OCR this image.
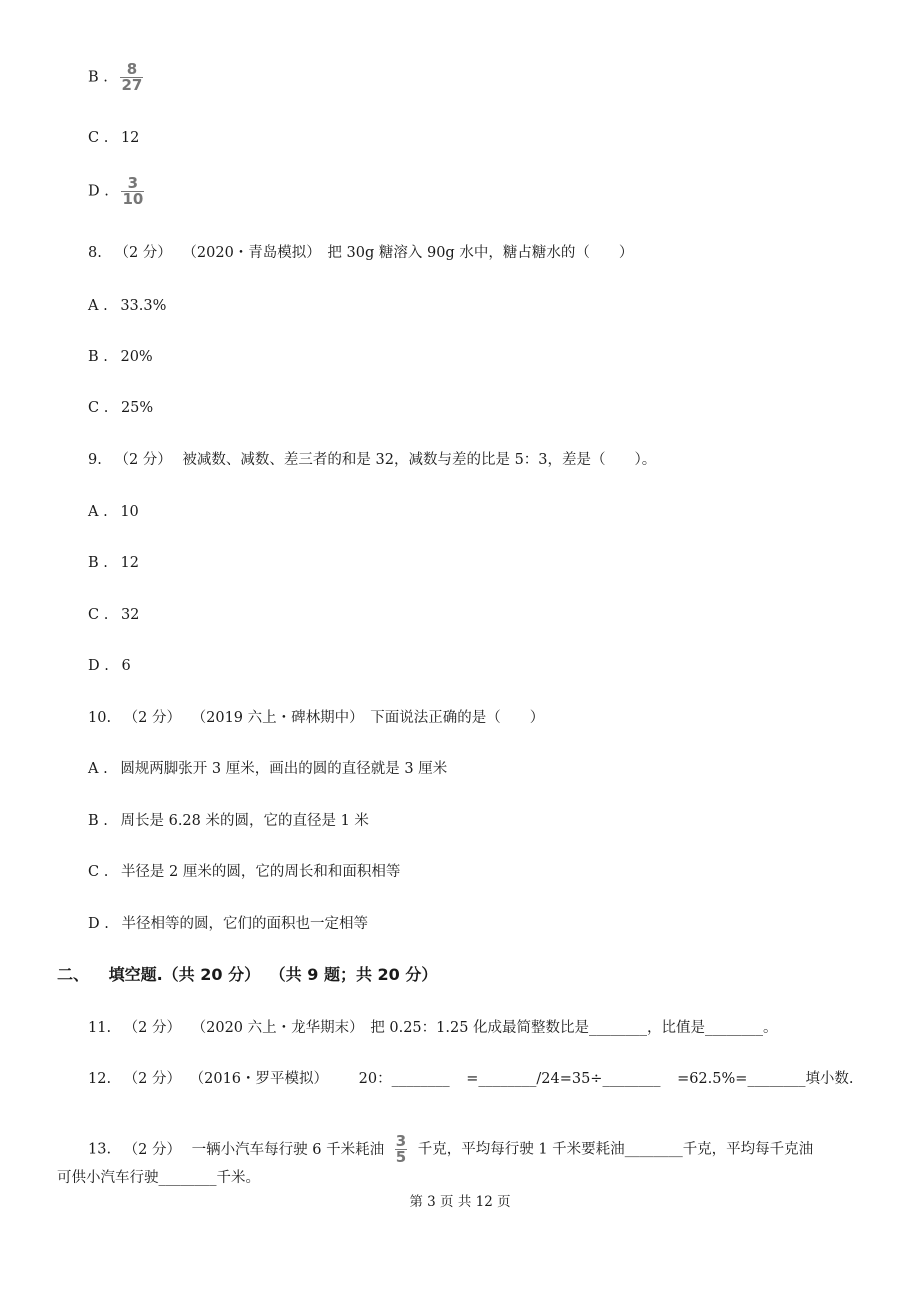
B . $\frac{8}{27}$
C . 12
D . $\frac{3}{10}$
8. （2 分） （2020・青岛模拟） 把 30g 糖溶入 90g 水中，糖占糖水的（　　）
A . 33.3%
B . 20%
C . 25%
9. （2 分） 被减数、减数、差三者的和是 32，减数与差的比是 5：3，差是（　　）。
A . 10
B . 12
C . 32
D . 6
10. （2 分） （2019 六上・碑林期中） 下面说法正确的是（　　）
A . 圆规两脚张开 3 厘米，画出的圆的直径就是 3 厘米
B . 周长是 6.28 米的圆，它的直径是 1 米
C . 半径是 2 厘米的圆，它的周长和和面积相等
D . 半径相等的圆，它们的面积也一定相等
二、 填空题.（共 20 分） （共 9 题；共 20 分）
11. （2 分） （2020 六上・龙华期末） 把 0.25：1.25 化成最简整数比是________，比值是________。
12. （2 分） （2016・罗平模拟） 20：________ =________/24=35÷________ =62.5%=________填小数.
13. （2 分） 一辆小汽车每行驶 6 千米耗油 $\frac{3}{5}$ 千克，平均每行驶 1 千米要耗油________千克，平均每千克油
可供小汽车行驶________千米。
第 3 页 共 12 页
